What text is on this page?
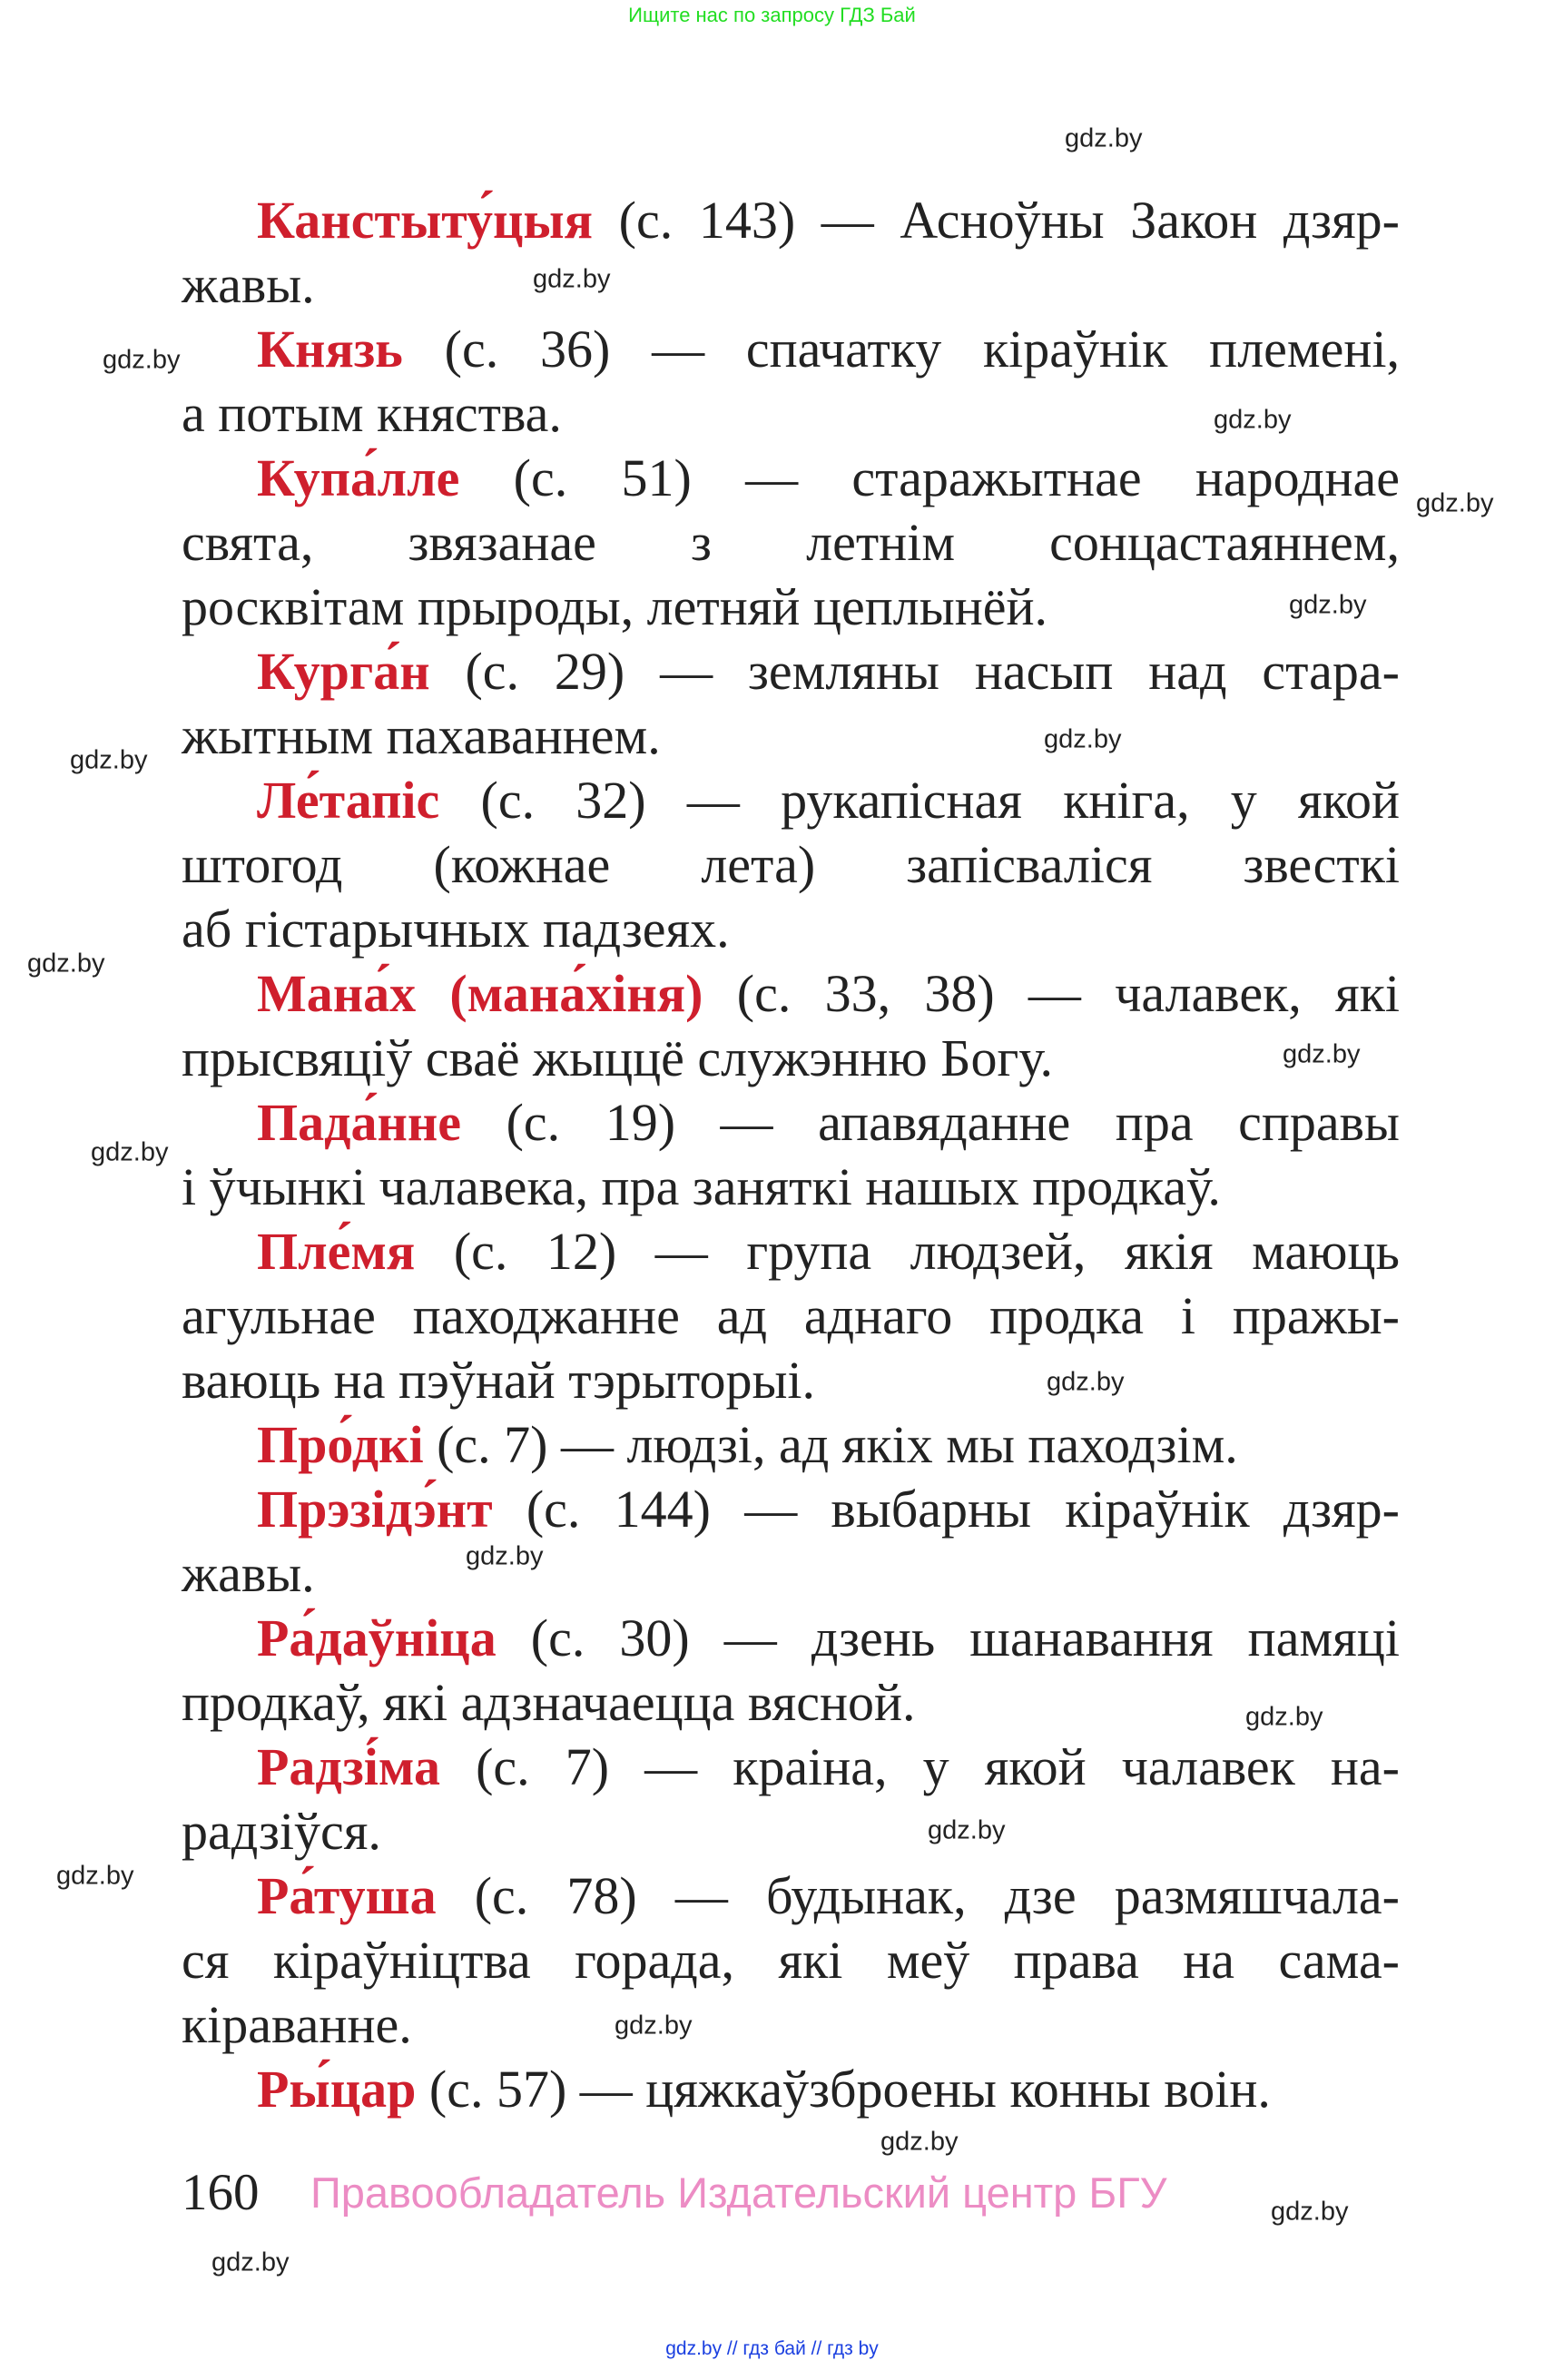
Ищите нас по запросу ГДЗ Бай
Канстыту́цыя (с. 143) — Асноўны Закон дзяр-
жавы.
Князь (с. 36) — спачатку кіраўнік племені,
а потым княства.
Купа́лле (с. 51) — старажытнае народнае
свята, звязанае з летнім сонцастаяннем,
росквітам прыроды, летняй цеплынёй.
Курга́н (с. 29) — земляны насып над стара-
жытным пахаваннем.
Ле́тапіс (с. 32) — рукапісная кніга, у якой
штогод (кожнае лета) запісваліся звесткі
аб гістарычных падзеях.
Мана́х (мана́хіня) (с. 33, 38) — чалавек, які
прысвяціў сваё жыццё служэнню Богу.
Пада́нне (с. 19) — апавяданне пра справы
і ўчынкі чалавека, пра заняткі нашых продкаў.
Пле́мя (с. 12) — група людзей, якія маюць
агульнае паходжанне ад аднаго продка і пражы-
ваюць на пэўнай тэрыторыі.
Про́дкі (с. 7) — людзі, ад якіх мы паходзім.
Прэзідэ́нт (с. 144) — выбарны кіраўнік дзяр-
жавы.
Ра́даўніца (с. 30) — дзень шанавання памяці
продкаў, які адзначаецца вясной.
Радзі́ма (с. 7) — краіна, у якой чалавек на-
радзіўся.
Ра́туша (с. 78) — будынак, дзе размяшчала-
ся кіраўніцтва горада, які меў права на сама-
кіраванне.
Ры́цар (с. 57) — цяжкаўзброены конны воін.
gdz.by
gdz.by
gdz.by
gdz.by
gdz.by
gdz.by
gdz.by
gdz.by
gdz.by
gdz.by
gdz.by
gdz.by
gdz.by
gdz.by
gdz.by
gdz.by
gdz.by
gdz.by
gdz.by
gdz.by
160 Правообладатель Издательский центр БГУ
gdz.by // гдз бай // гдз by
